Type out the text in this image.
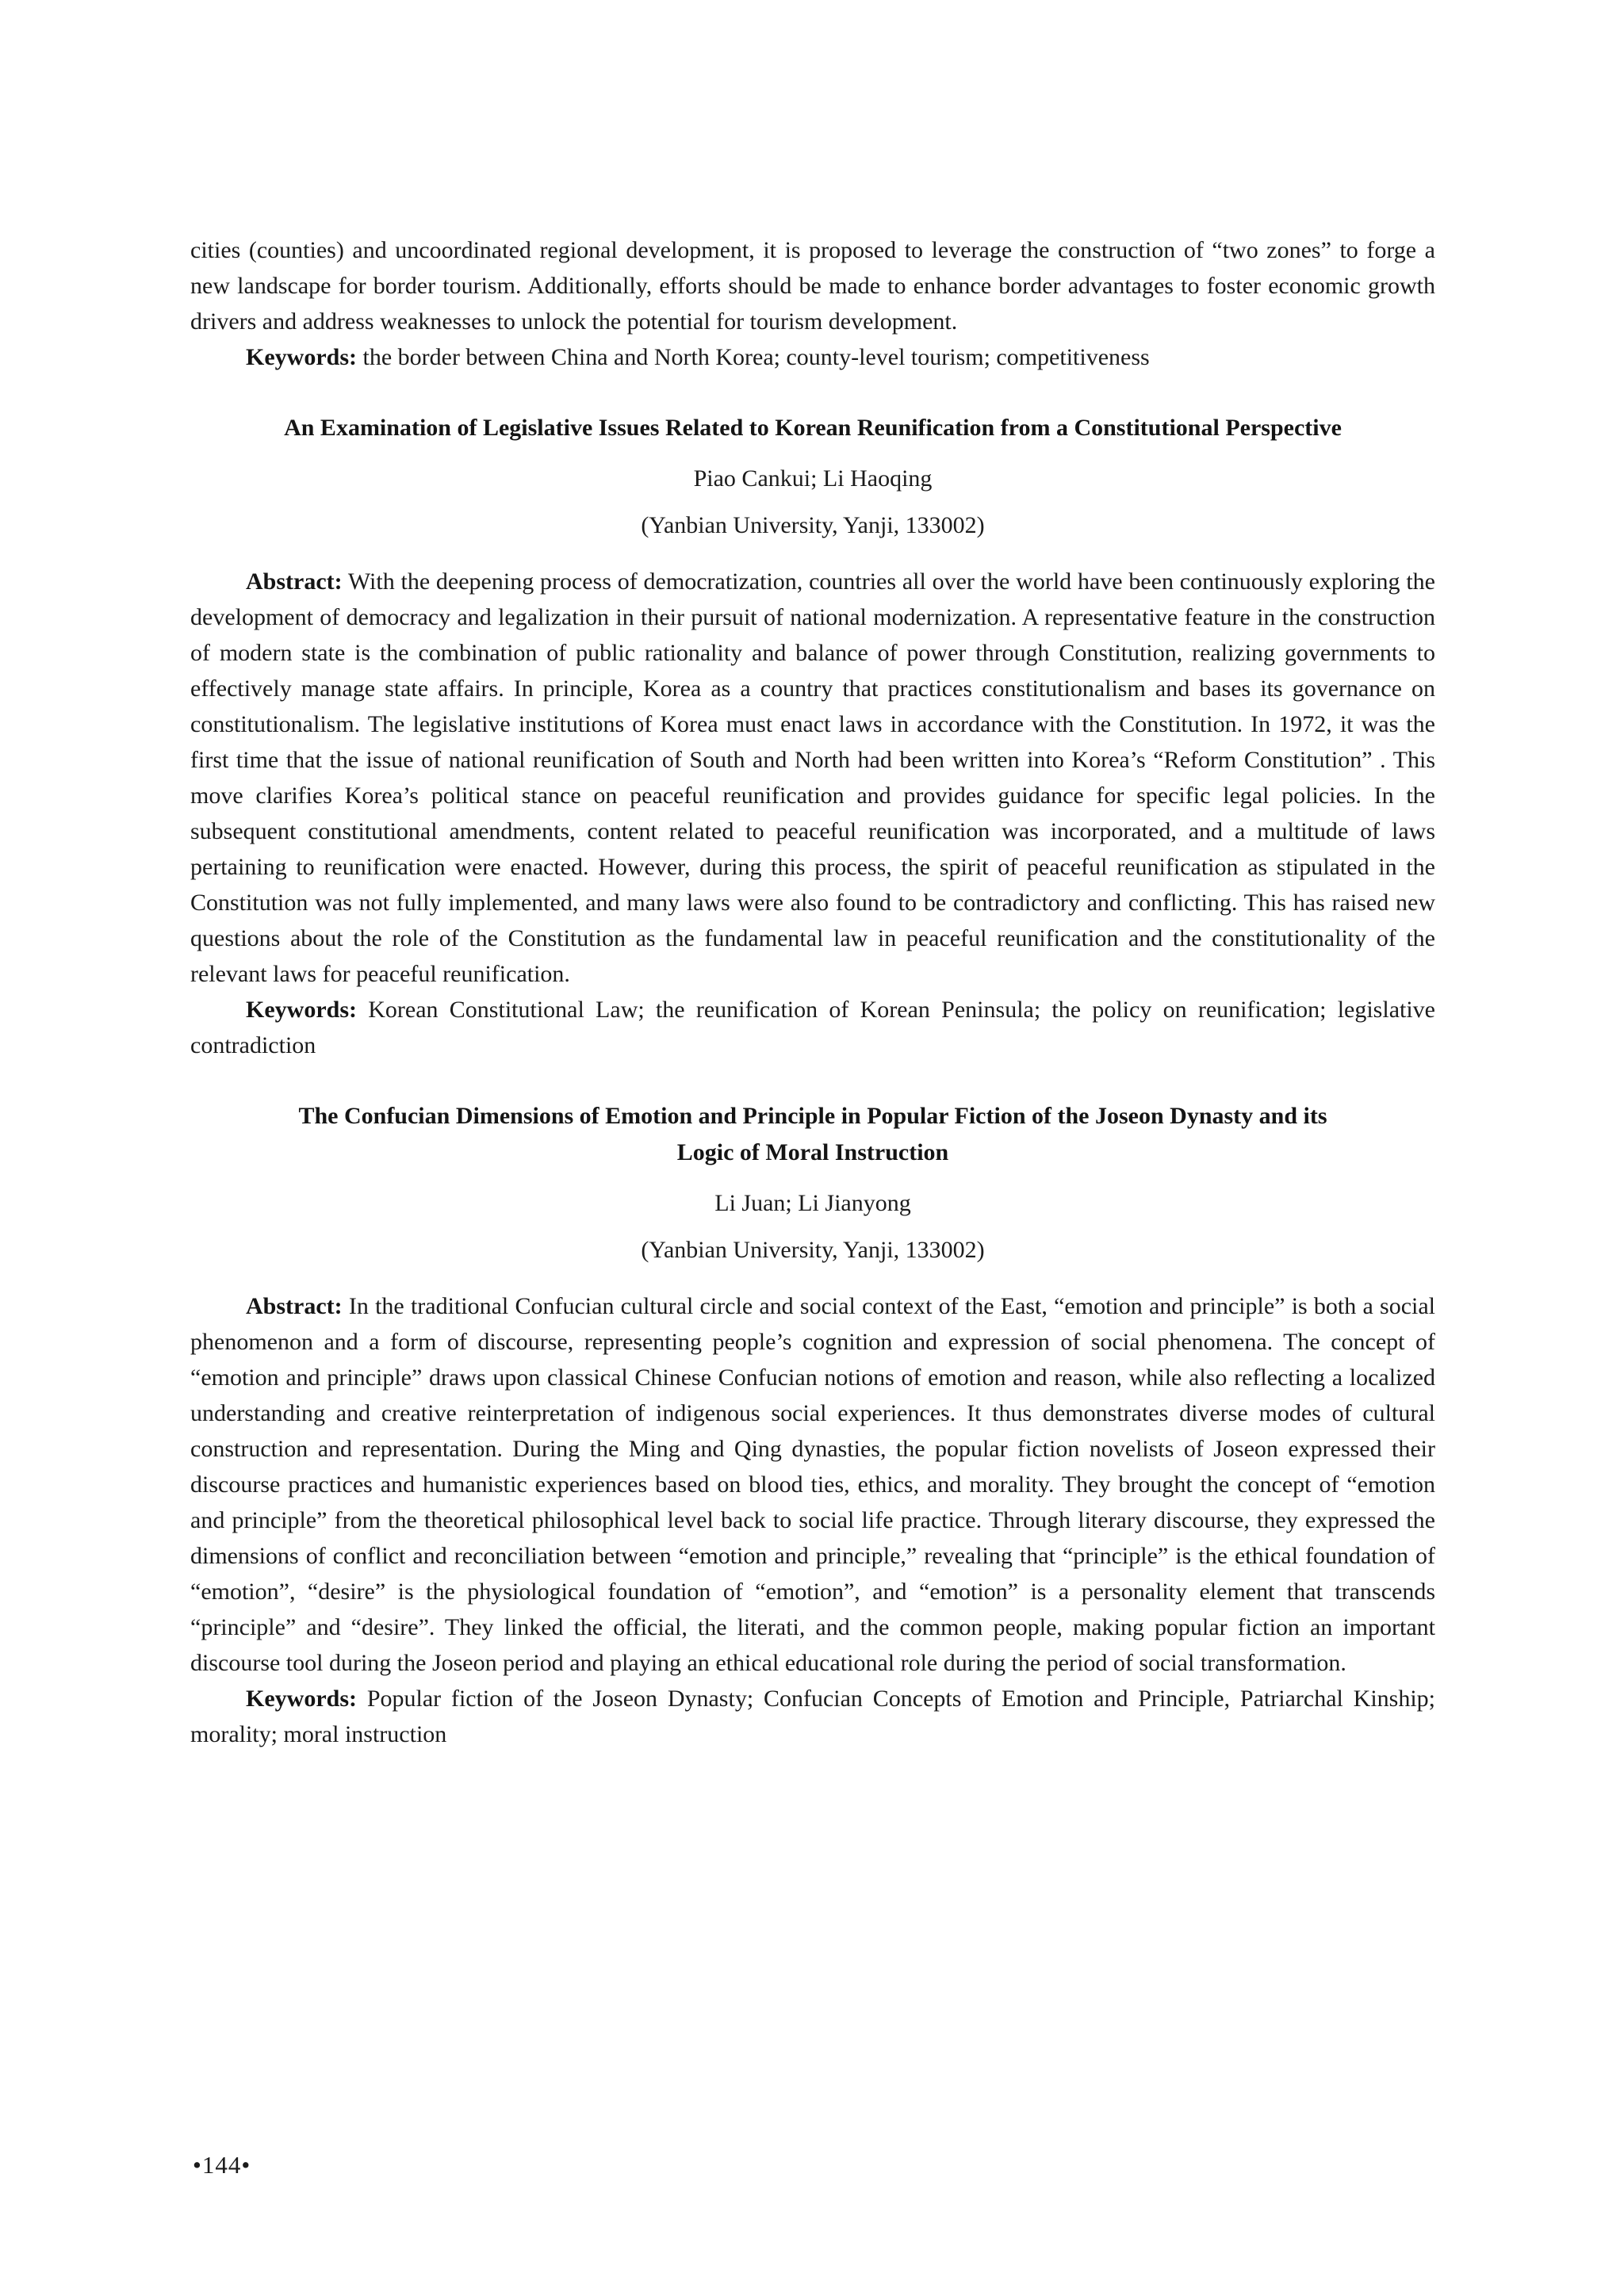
cities (counties) and uncoordinated regional development, it is proposed to leverage the construction of “two zones” to forge a new landscape for border tourism. Additionally, efforts should be made to enhance border advantages to foster economic growth drivers and address weaknesses to unlock the potential for tourism development.

Keywords: the border between China and North Korea; county-level tourism; competitiveness

An Examination of Legislative Issues Related to Korean Reunification from a Constitutional Perspective

Piao Cankui; Li Haoqing

(Yanbian University, Yanji, 133002)

Abstract: With the deepening process of democratization, countries all over the world have been continuously exploring the development of democracy and legalization in their pursuit of national modernization. A representative feature in the construction of modern state is the combination of public rationality and balance of power through Constitution, realizing governments to effectively manage state affairs. In principle, Korea as a country that practices constitutionalism and bases its governance on constitutionalism. The legislative institutions of Korea must enact laws in accordance with the Constitution. In 1972, it was the first time that the issue of national reunification of South and North had been written into Korea’s “Reform Constitution” . This move clarifies Korea’s political stance on peaceful reunification and provides guidance for specific legal policies. In the subsequent constitutional amendments, content related to peaceful reunification was incorporated, and a multitude of laws pertaining to reunification were enacted. However, during this process, the spirit of peaceful reunification as stipulated in the Constitution was not fully implemented, and many laws were also found to be contradictory and conflicting. This has raised new questions about the role of the Constitution as the fundamental law in peaceful reunification and the constitutionality of the relevant laws for peaceful reunification.

Keywords: Korean Constitutional Law; the reunification of Korean Peninsula; the policy on reunification; legislative contradiction

The Confucian Dimensions of Emotion and Principle in Popular Fiction of the Joseon Dynasty and its
Logic of Moral Instruction

Li Juan; Li Jianyong

(Yanbian University, Yanji, 133002)

Abstract: In the traditional Confucian cultural circle and social context of the East, “emotion and principle” is both a social phenomenon and a form of discourse, representing people’s cognition and expression of social phenomena. The concept of “emotion and principle” draws upon classical Chinese Confucian notions of emotion and reason, while also reflecting a localized understanding and creative reinterpretation of indigenous social experiences. It thus demonstrates diverse modes of cultural construction and representation. During the Ming and Qing dynasties, the popular fiction novelists of Joseon expressed their discourse practices and humanistic experiences based on blood ties, ethics, and morality. They brought the concept of “emotion and principle” from the theoretical philosophical level back to social life practice. Through literary discourse, they expressed the dimensions of conflict and reconciliation between “emotion and principle,” revealing that “principle” is the ethical foundation of “emotion”, “desire” is the physiological foundation of “emotion”, and “emotion” is a personality element that transcends “principle” and “desire”. They linked the official, the literati, and the common people, making popular fiction an important discourse tool during the Joseon period and playing an ethical educational role during the period of social transformation.

Keywords: Popular fiction of the Joseon Dynasty; Confucian Concepts of Emotion and Principle, Patriarchal Kinship; morality; moral instruction

•144•
